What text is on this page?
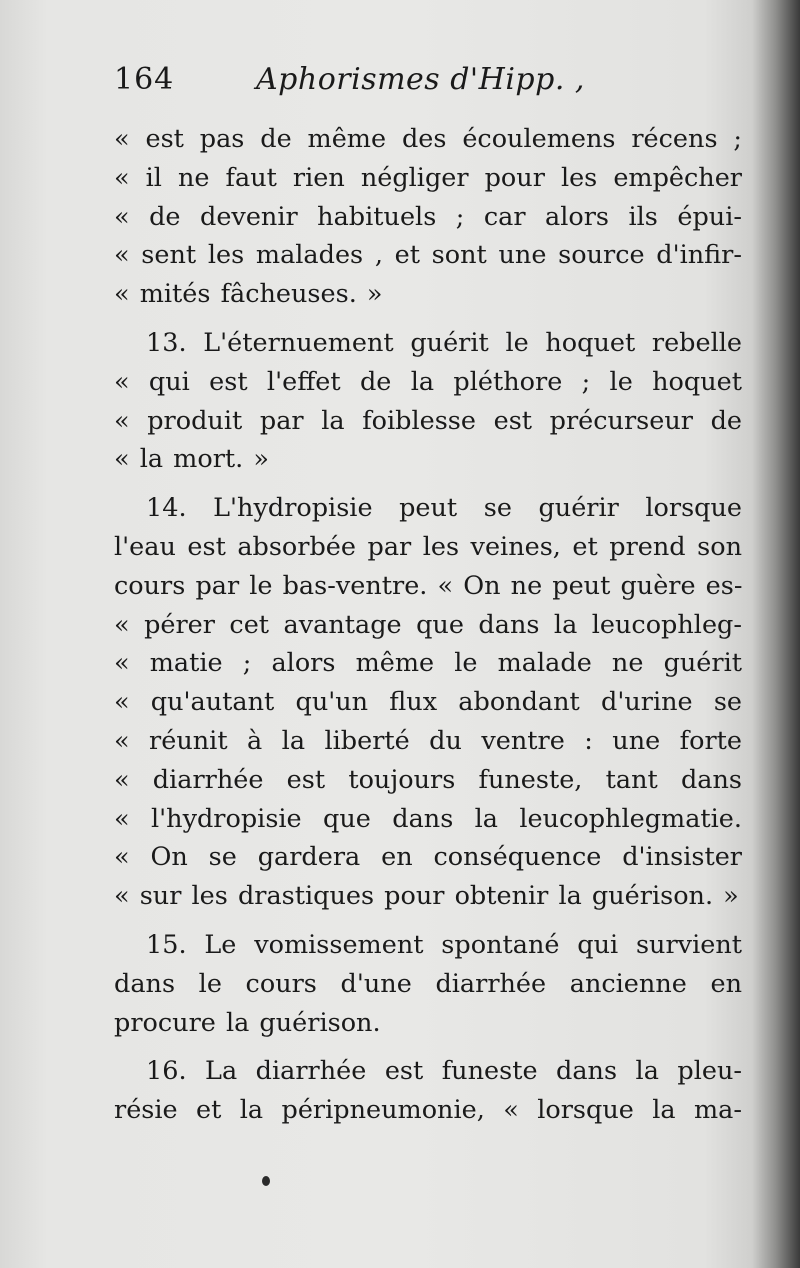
164	Aphorismes d'Hipp. ,
« est pas de même des écoulemens récens ;
« il ne faut rien négliger pour les empêcher
« de devenir habituels ; car alors ils épui-
« sent les malades , et sont une source d'infir-
« mités fâcheuses. »
13. L'éternuement guérit le hoquet rebelle
« qui est l'effet de la pléthore ; le hoquet
« produit par la foiblesse est précurseur de
« la mort. »
14. L'hydropisie peut se guérir lorsque
l'eau est absorbée par les veines, et prend son
cours par le bas-ventre. « On ne peut guère es-
« pérer cet avantage que dans la leucophleg-
« matie ; alors même le malade ne guérit
« qu'autant qu'un flux abondant d'urine se
« réunit à la liberté du ventre : une forte
« diarrhée est toujours funeste, tant dans
« l'hydropisie que dans la leucophlegmatie.
« On se gardera en conséquence d'insister
« sur les drastiques pour obtenir la guérison. »
15. Le vomissement spontané qui survient
dans le cours d'une diarrhée ancienne en
procure la guérison.
16. La diarrhée est funeste dans la pleu-
résie et la péripneumonie, « lorsque la ma-
